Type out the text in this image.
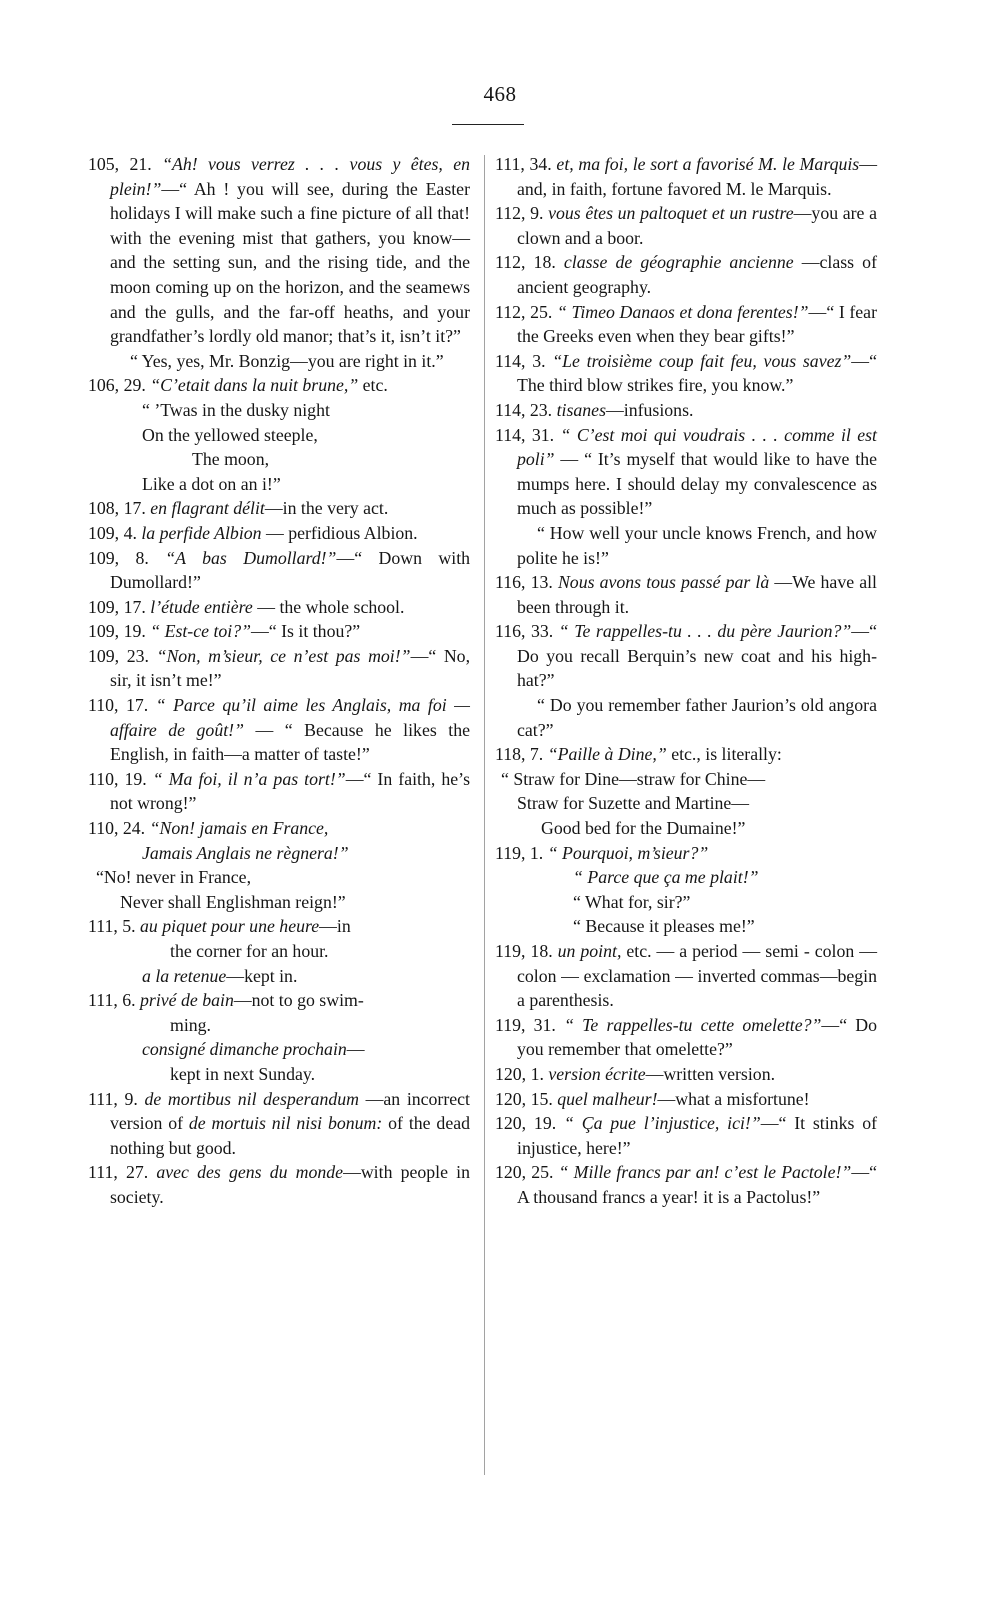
468

105, 21. “Ah! vous verrez . . . vous y êtes, en plein!”—“ Ah ! you will see, during the Easter holidays I will make such a fine picture of all that! with the evening mist that gathers, you know—and the setting sun, and the rising tide, and the moon coming up on the horizon, and the seamews and the gulls, and the far-off heaths, and your grandfather’s lordly old manor; that’s it, isn’t it?”

“ Yes, yes, Mr. Bonzig—you are right in it.”

106, 29. “C’etait dans la nuit brune,” etc.

“ ’Twas in the dusky night

On the yellowed steeple,

The moon,

Like a dot on an i!”

108, 17. en flagrant délit—in the very act.

109, 4. la perfide Albion — perfidious Albion.

109, 8. “A bas Dumollard!”—“ Down with Dumollard!”

109, 17. l’étude entière — the whole school.

109, 19. “ Est-ce toi?”—“ Is it thou?”

109, 23. “Non, m’sieur, ce n’est pas moi!”—“ No, sir, it isn’t me!”

110, 17. “ Parce qu’il aime les Anglais, ma foi — affaire de goût!” — “ Because he likes the English, in faith—a matter of taste!”

110, 19. “ Ma foi, il n’a pas tort!”—“ In faith, he’s not wrong!”

110, 24. “Non! jamais en France,

Jamais Anglais ne règnera!”

“No! never in France,

Never shall Englishman reign!”

111, 5. au piquet pour une heure—in

the corner for an hour.

a la retenue—kept in.

111, 6. privé de bain—not to go swim-

ming.

consigné dimanche prochain—

kept in next Sunday.

111, 9. de mortibus nil desperandum —an incorrect version of de mortuis nil nisi bonum: of the dead nothing but good.

111, 27. avec des gens du monde—with people in society.

111, 34. et, ma foi, le sort a favorisé M. le Marquis—and, in faith, fortune favored M. le Marquis.

112, 9. vous êtes un paltoquet et un rustre—you are a clown and a boor.

112, 18. classe de géographie ancienne —class of ancient geography.

112, 25. “ Timeo Danaos et dona ferentes!”—“ I fear the Greeks even when they bear gifts!”

114, 3. “Le troisième coup fait feu, vous savez”—“ The third blow strikes fire, you know.”

114, 23. tisanes—infusions.

114, 31. “ C’est moi qui voudrais . . . comme il est poli” — “ It’s myself that would like to have the mumps here. I should delay my convalescence as much as possible!”

“ How well your uncle knows French, and how polite he is!”

116, 13. Nous avons tous passé par là —We have all been through it.

116, 33. “ Te rappelles-tu . . . du père Jaurion?”—“ Do you recall Berquin’s new coat and his high-hat?”

“ Do you remember father Jaurion’s old angora cat?”

118, 7. “Paille à Dine,” etc., is literally:

“ Straw for Dine—straw for Chine—

Straw for Suzette and Martine—

Good bed for the Dumaine!”

119, 1. “ Pourquoi, m’sieur?”

“ Parce que ça me plait!”

“ What for, sir?”

“ Because it pleases me!”

119, 18. un point, etc. — a period — semi - colon — colon — exclamation — inverted commas—begin a parenthesis.

119, 31. “ Te rappelles-tu cette omelette?”—“ Do you remember that omelette?”

120, 1. version écrite—written version.

120, 15. quel malheur!—what a misfortune!

120, 19. “ Ça pue l’injustice, ici!”—“ It stinks of injustice, here!”

120, 25. “ Mille francs par an! c’est le Pactole!”—“ A thousand francs a year! it is a Pactolus!”
